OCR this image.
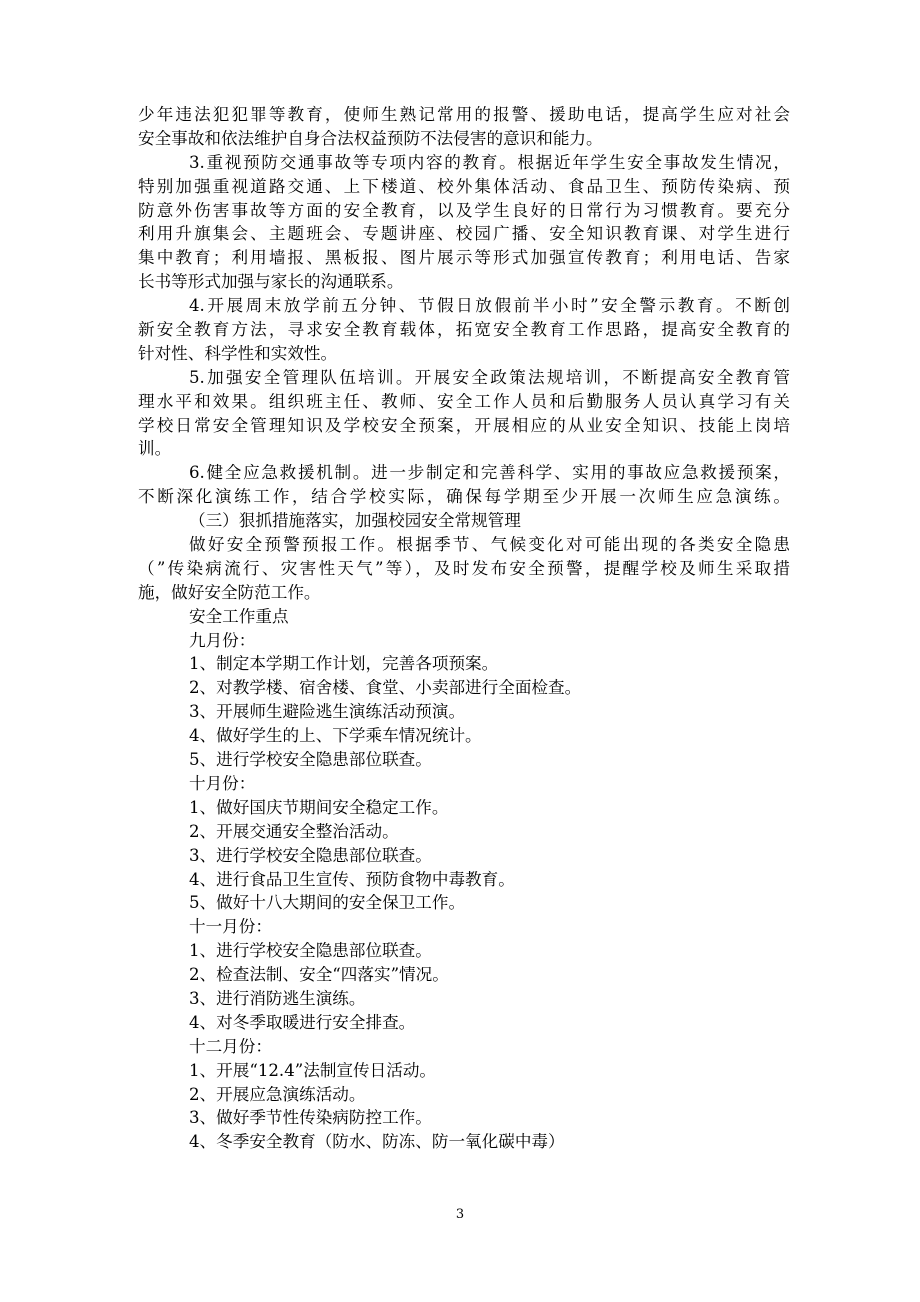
少年违法犯犯罪等教育，使师生熟记常用的报警、援助电话，提高学生应对社会
安全事故和依法维护自身合法权益预防不法侵害的意识和能力。
3.重视预防交通事故等专项内容的教育。根据近年学生安全事故发生情况，
特别加强重视道路交通、上下楼道、校外集体活动、食品卫生、预防传染病、预
防意外伤害事故等方面的安全教育，以及学生良好的日常行为习惯教育。要充分
利用升旗集会、主题班会、专题讲座、校园广播、安全知识教育课、对学生进行
集中教育；利用墙报、黑板报、图片展示等形式加强宣传教育；利用电话、告家
长书等形式加强与家长的沟通联系。
4.开展周末放学前五分钟、节假日放假前半小时”安全警示教育。不断创
新安全教育方法，寻求安全教育载体，拓宽安全教育工作思路，提高安全教育的
针对性、科学性和实效性。
5.加强安全管理队伍培训。开展安全政策法规培训，不断提高安全教育管
理水平和效果。组织班主任、教师、安全工作人员和后勤服务人员认真学习有关
学校日常安全管理知识及学校安全预案，开展相应的从业安全知识、技能上岗培
训。
6.健全应急救援机制。进一步制定和完善科学、实用的事故应急救援预案，
不断深化演练工作，结合学校实际，确保每学期至少开展一次师生应急演练。
（三）狠抓措施落实，加强校园安全常规管理
做好安全预警预报工作。根据季节、气候变化对可能出现的各类安全隐患
（”传染病流行、灾害性天气”等），及时发布安全预警，提醒学校及师生采取措
施，做好安全防范工作。
安全工作重点
九月份：
1、制定本学期工作计划，完善各项预案。
2、对教学楼、宿舍楼、食堂、小卖部进行全面检查。
3、开展师生避险逃生演练活动预演。
4、做好学生的上、下学乘车情况统计。
5、进行学校安全隐患部位联查。
十月份：
1、做好国庆节期间安全稳定工作。
2、开展交通安全整治活动。
3、进行学校安全隐患部位联查。
4、进行食品卫生宣传、预防食物中毒教育。
5、做好十八大期间的安全保卫工作。
十一月份：
1、进行学校安全隐患部位联查。
2、检查法制、安全“四落实”情况。
3、进行消防逃生演练。
4、对冬季取暖进行安全排查。
十二月份：
1、开展“12.4”法制宣传日活动。
2、开展应急演练活动。
3、做好季节性传染病防控工作。
4、冬季安全教育（防水、防冻、防一氧化碳中毒）
3
